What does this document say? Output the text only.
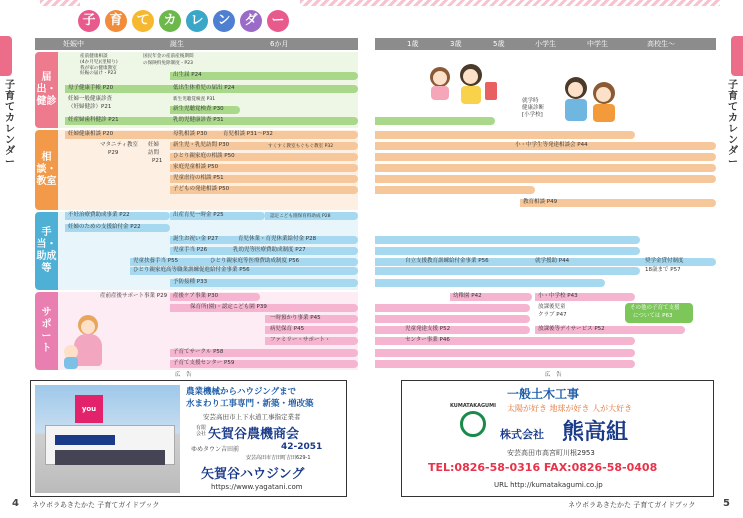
子	育	て	カ	レ	ン	ダ	ー
子育てカレンダー
子育てカレンダー
妊娠中	誕生	6か月	1歳	3歳	5歳	小学生	中学生	高校生〜
届出・健診
相談・教室
手当・助成等
サポート
出生届 P24
産前健康相談
(4か月児)(里帰り)
我が家の健康教室
妊娠の届け・P23
国民年金の産前産後期間
の保険料免除制度・P23
母子健康手帳 P20	低出生体重児の届出 P24
妊婦一般健康診査
（妊婦健診）P21
新生児聴覚検査 P31
新生児聴覚検査 P30
妊産婦歯科健診 P21	乳幼児健康診査 P31
妊婦健康相談 P20	母乳相談 P30	育児相談 P31〜P32
マタニティ教室
P29
妊婦
訪問
P21
新生児・乳児訪問 P30	すくすく教室もぐもぐ教室 P32
ひとり親家庭の相談 P50
家庭児童相談 P50
児童虐待の相談 P51
子どもの発達相談 P50
不妊治療費助成事業 P22	出産育児一時金 P25	認定こども園保育料助成 P28
妊婦のための支援給付金 P22
誕生お祝い金 P27	育児休業・育児休業給付金 P28
児童手当 P26	乳幼児等医療費助成制度 P27
児童扶養手当 P55	ひとり親家庭等医療費助成制度 P56
ひとり親家庭高等職業訓練促進給付金事業 P56
予防接種 P33
産前産後サポート事業 P29 産後ケア事業 P30
保育所(園)・認定こども園 P39
一時預かり事業 P45
病児保育 P45
ファミリー・サポート・
子育てサークル P58
子育て支援センター P59
就学時
健康診断
[小学校]
小・中学生等発達相談会 P44
教育相談 P49
自立支援教育訓練給付金事業 P56	就学援助 P44	奨学金貸付制度
18歳まで P57
幼稚園 P42	小・中学校 P43
放課後児童
クラブ P47
その他の子育て支援
については P63
児童発達支援 P52	放課後等デイサービス P52
センター事業 P46
広　告	広　告
you
農業機械からハウジングまで
水まわり工事専門・新築・増改築
安芸高田市上下水道工事指定業者
有限会社 矢賀谷農機商会
ゆめタウン吉田前	42-2051
安芸高田市吉田町吉田629-1
矢賀谷ハウジング
https://www.yagatani.com
一般土木工事
太陽が好き 地球が好き 人が大好き
KUMATAKAGUMI
株式会社 熊高組
安芸高田市高宮町川根2953
TEL:0826-58-0316 FAX:0826-58-0408
URL http://kumatakagumi.co.jp
4 ネウボラあきたかた 子育てガイドブック	ネウボラあきたかた 子育てガイドブック	5
